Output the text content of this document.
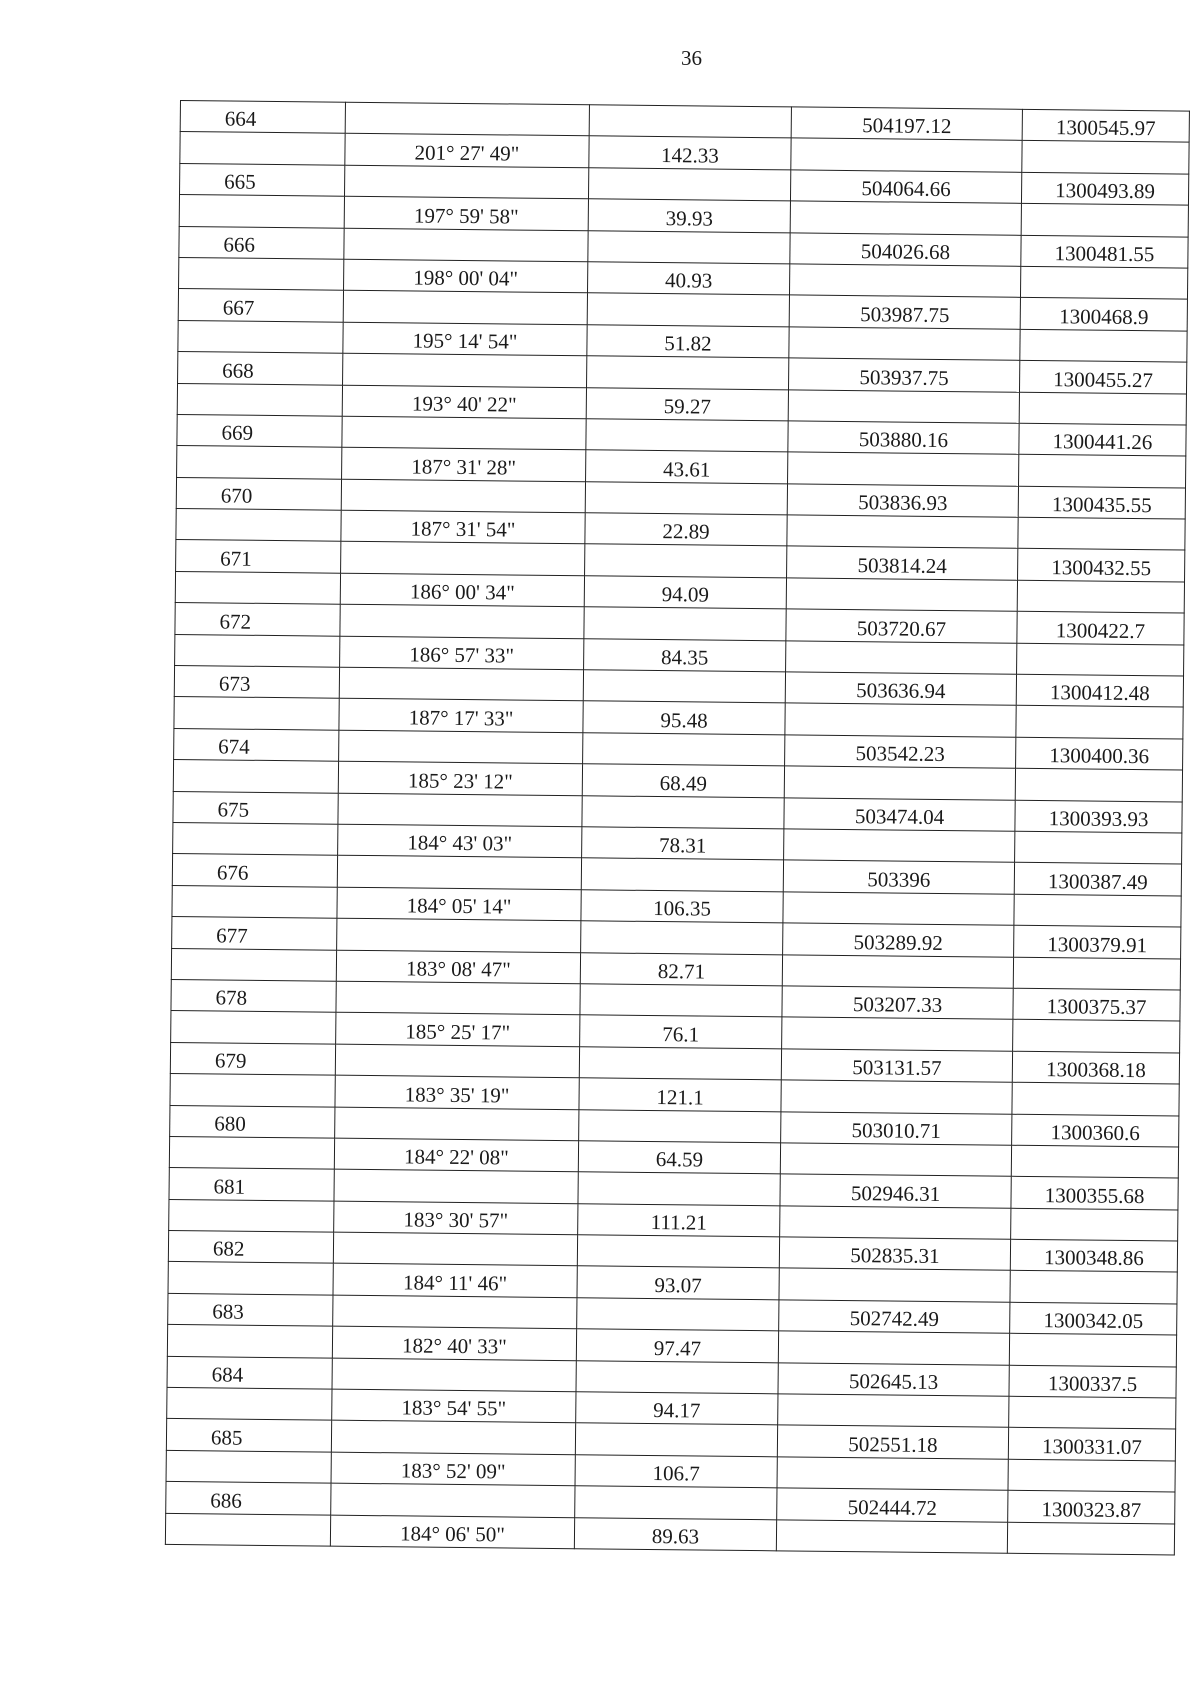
36
664			504197.12	1300545.97
	201° 27' 49"	142.33		
665			504064.66	1300493.89
	197° 59' 58"	39.93		
666			504026.68	1300481.55
	198° 00' 04"	40.93		
667			503987.75	1300468.9
	195° 14' 54"	51.82		
668			503937.75	1300455.27
	193° 40' 22"	59.27		
669			503880.16	1300441.26
	187° 31' 28"	43.61		
670			503836.93	1300435.55
	187° 31' 54"	22.89		
671			503814.24	1300432.55
	186° 00' 34"	94.09		
672			503720.67	1300422.7
	186° 57' 33"	84.35		
673			503636.94	1300412.48
	187° 17' 33"	95.48		
674			503542.23	1300400.36
	185° 23' 12"	68.49		
675			503474.04	1300393.93
	184° 43' 03"	78.31		
676			503396	1300387.49
	184° 05' 14"	106.35		
677			503289.92	1300379.91
	183° 08' 47"	82.71		
678			503207.33	1300375.37
	185° 25' 17"	76.1		
679			503131.57	1300368.18
	183° 35' 19"	121.1		
680			503010.71	1300360.6
	184° 22' 08"	64.59		
681			502946.31	1300355.68
	183° 30' 57"	111.21		
682			502835.31	1300348.86
	184° 11' 46"	93.07		
683			502742.49	1300342.05
	182° 40' 33"	97.47		
684			502645.13	1300337.5
	183° 54' 55"	94.17		
685			502551.18	1300331.07
	183° 52' 09"	106.7		
686			502444.72	1300323.87
	184° 06' 50"	89.63		
